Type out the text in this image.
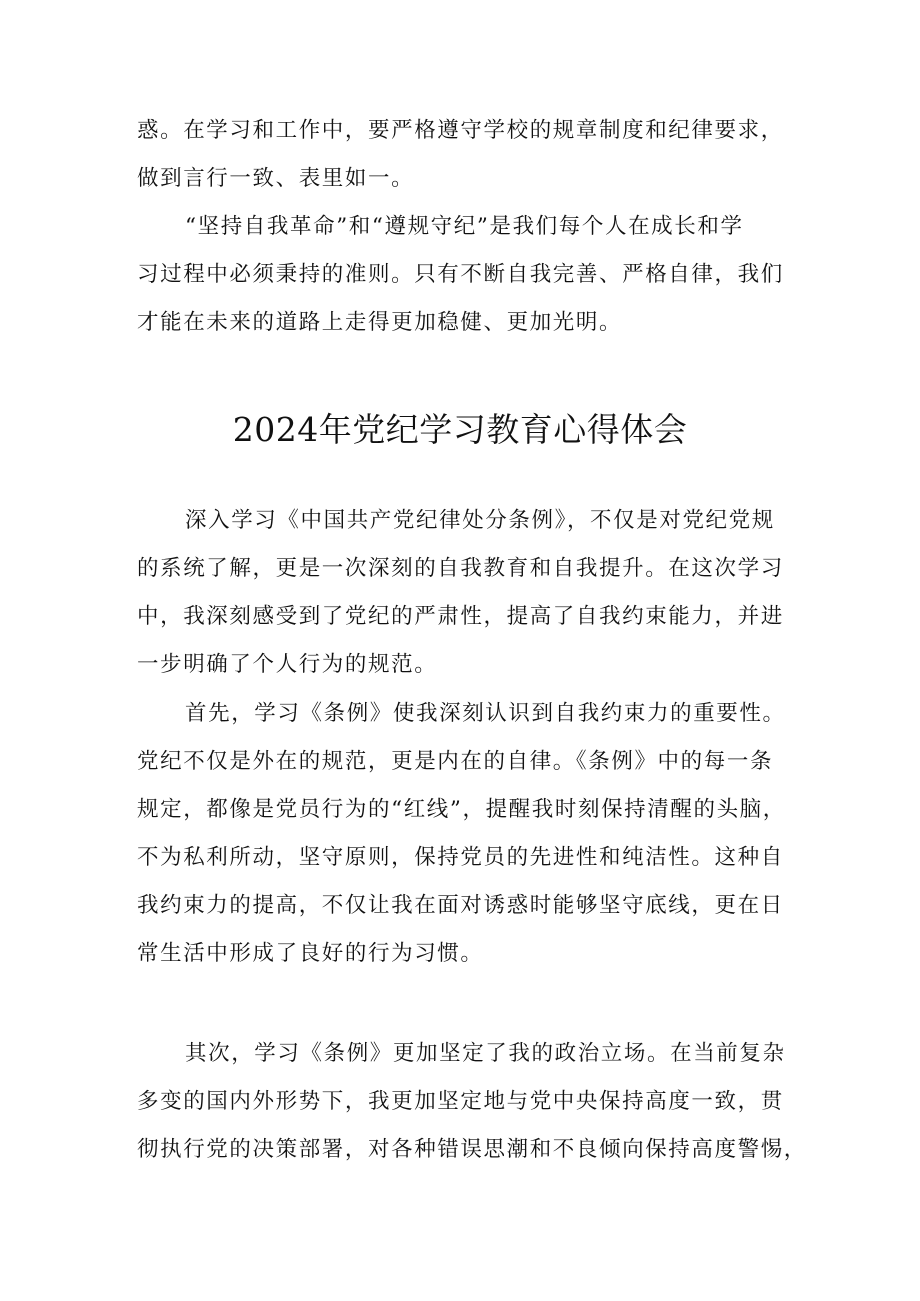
惑。在学习和工作中，要严格遵守学校的规章制度和纪律要求，
做到言行一致、表里如一。
“坚持自我革命”和“遵规守纪”是我们每个人在成长和学
习过程中必须秉持的准则。只有不断自我完善、严格自律，我们
才能在未来的道路上走得更加稳健、更加光明。
2024年党纪学习教育心得体会
深入学习《中国共产党纪律处分条例》，不仅是对党纪党规
的系统了解，更是一次深刻的自我教育和自我提升。在这次学习
中，我深刻感受到了党纪的严肃性，提高了自我约束能力，并进
一步明确了个人行为的规范。
首先，学习《条例》使我深刻认识到自我约束力的重要性。
党纪不仅是外在的规范，更是内在的自律。《条例》中的每一条
规定，都像是党员行为的“红线”，提醒我时刻保持清醒的头脑，
不为私利所动，坚守原则，保持党员的先进性和纯洁性。这种自
我约束力的提高，不仅让我在面对诱惑时能够坚守底线，更在日
常生活中形成了良好的行为习惯。
其次，学习《条例》更加坚定了我的政治立场。在当前复杂
多变的国内外形势下，我更加坚定地与党中央保持高度一致，贯
彻执行党的决策部署，对各种错误思潮和不良倾向保持高度警惕，
